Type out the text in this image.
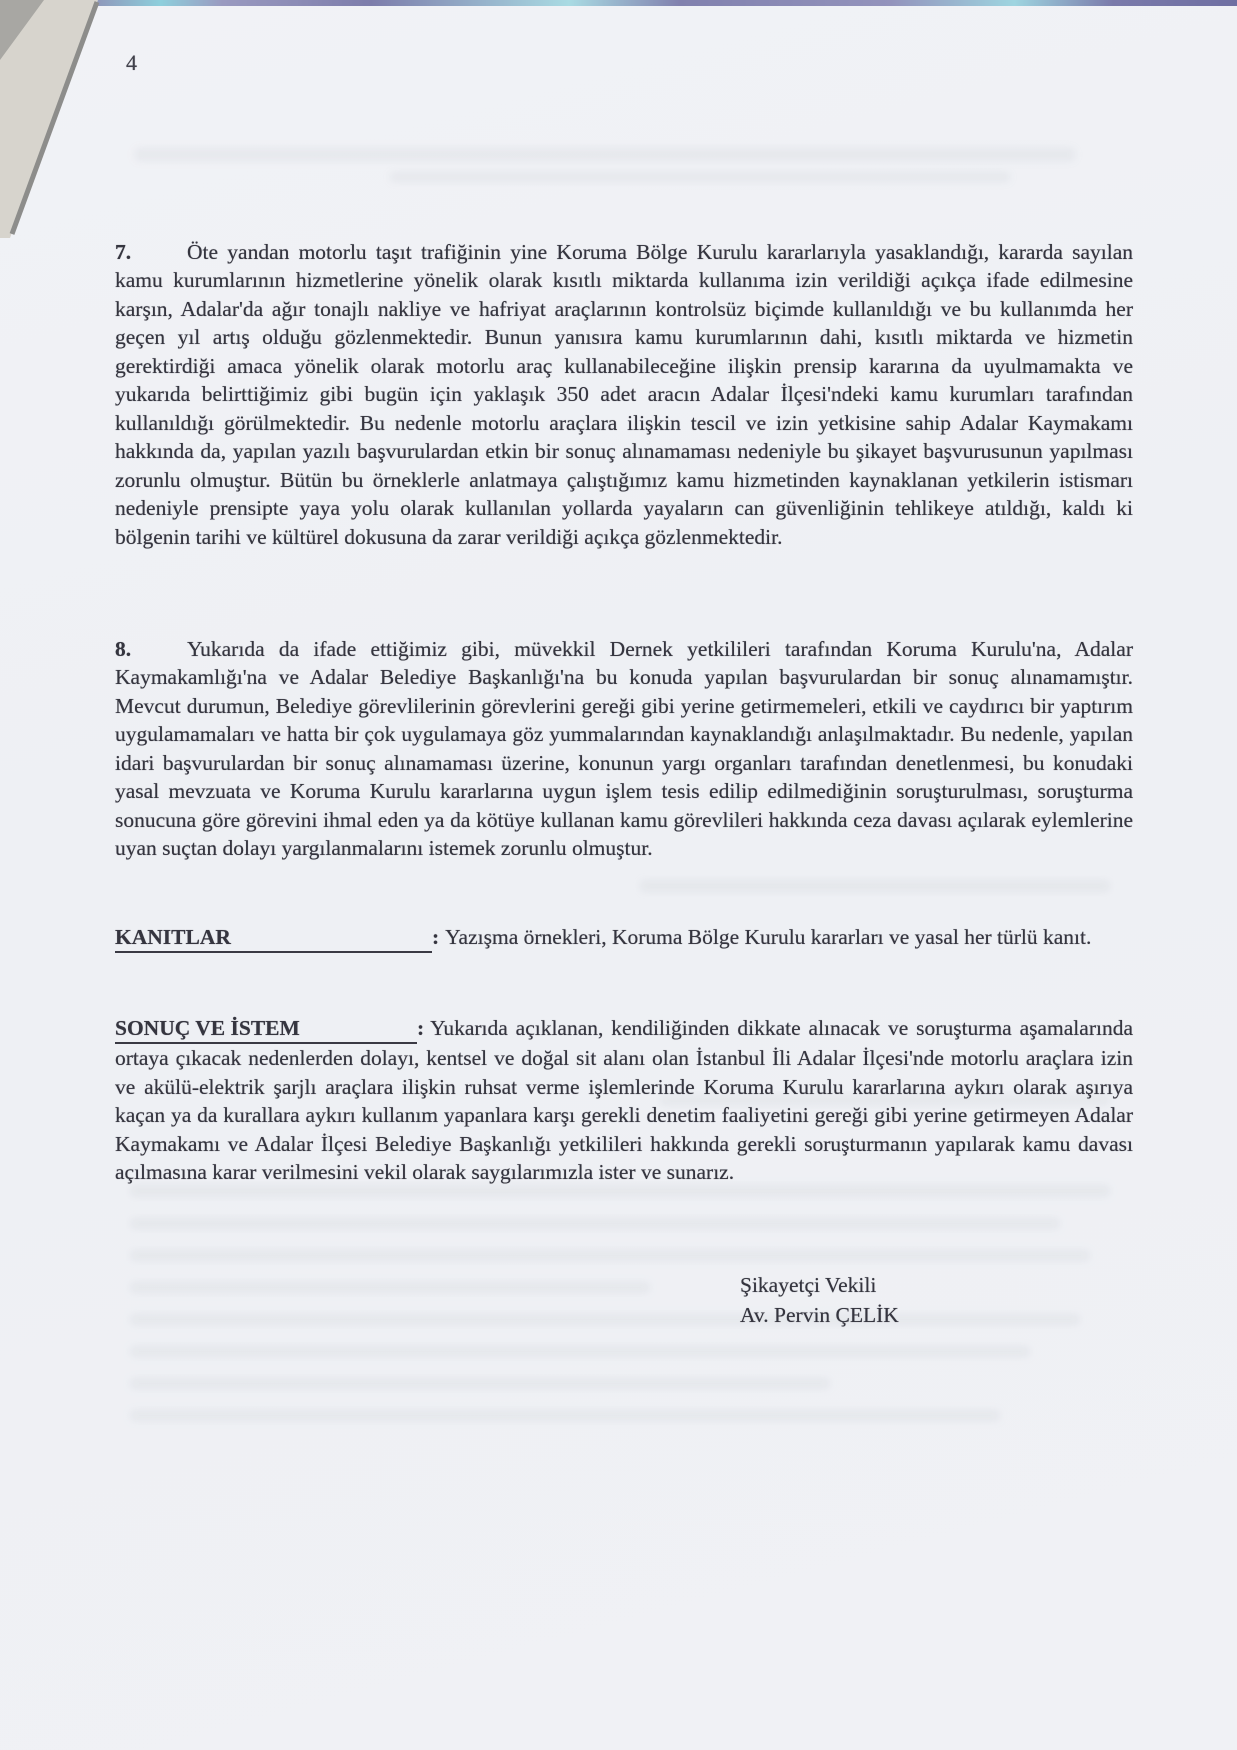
4
7.	Öte yandan motorlu taşıt trafiğinin yine Koruma Bölge Kurulu kararlarıyla yasaklandığı, kararda sayılan kamu kurumlarının hizmetlerine yönelik olarak kısıtlı miktarda kullanıma izin verildiği açıkça ifade edilmesine karşın, Adalar'da ağır tonajlı nakliye ve hafriyat araçlarının kontrolsüz biçimde kullanıldığı ve bu kullanımda her geçen yıl artış olduğu gözlenmektedir. Bunun yanısıra kamu kurumlarının dahi, kısıtlı miktarda ve hizmetin gerektirdiği amaca yönelik olarak motorlu araç kullanabileceğine ilişkin prensip kararına da uyulmamakta ve yukarıda belirttiğimiz gibi bugün için yaklaşık 350 adet aracın Adalar İlçesi'ndeki kamu kurumları tarafından kullanıldığı görülmektedir. Bu nedenle motorlu araçlara ilişkin tescil ve izin yetkisine sahip Adalar Kaymakamı hakkında da, yapılan yazılı başvurulardan etkin bir sonuç alınamaması nedeniyle bu şikayet başvurusunun yapılması zorunlu olmuştur. Bütün bu örneklerle anlatmaya çalıştığımız kamu hizmetinden kaynaklanan yetkilerin istismarı nedeniyle prensipte yaya yolu olarak kullanılan yollarda yayaların can güvenliğinin tehlikeye atıldığı, kaldı ki bölgenin tarihi ve kültürel dokusuna da zarar verildiği açıkça gözlenmektedir.
8.	Yukarıda da ifade ettiğimiz gibi, müvekkil Dernek yetkilileri tarafından Koruma Kurulu'na, Adalar Kaymakamlığı'na ve Adalar Belediye Başkanlığı'na bu konuda yapılan başvurulardan bir sonuç alınamamıştır. Mevcut durumun, Belediye görevlilerinin görevlerini gereği gibi yerine getirmemeleri, etkili ve caydırıcı bir yaptırım uygulamamaları ve hatta bir çok uygulamaya göz yummalarından kaynaklandığı anlaşılmaktadır. Bu nedenle, yapılan idari başvurulardan bir sonuç alınamaması üzerine, konunun yargı organları tarafından denetlenmesi, bu konudaki yasal mevzuata ve Koruma Kurulu kararlarına uygun işlem tesis edilip edilmediğinin soruşturulması, soruşturma sonucuna göre görevini ihmal eden ya da kötüye kullanan kamu görevlileri hakkında ceza davası açılarak eylemlerine uyan suçtan dolayı yargılanmalarını istemek zorunlu olmuştur.
KANITLAR	: Yazışma örnekleri, Koruma Bölge Kurulu kararları ve yasal her türlü kanıt.
SONUÇ VE İSTEM	: Yukarıda açıklanan, kendiliğinden dikkate alınacak ve soruşturma aşamalarında ortaya çıkacak nedenlerden dolayı, kentsel ve doğal sit alanı olan İstanbul İli Adalar İlçesi'nde motorlu araçlara izin ve akülü-elektrik şarjlı araçlara ilişkin ruhsat verme işlemlerinde Koruma Kurulu kararlarına aykırı olarak aşırıya kaçan ya da kurallara aykırı kullanım yapanlara karşı gerekli denetim faaliyetini gereği gibi yerine getirmeyen Adalar Kaymakamı ve Adalar İlçesi Belediye Başkanlığı yetkilileri hakkında gerekli soruşturmanın yapılarak kamu davası açılmasına karar verilmesini vekil olarak saygılarımızla ister ve sunarız.
Şikayetçi Vekili
Av. Pervin ÇELİK
